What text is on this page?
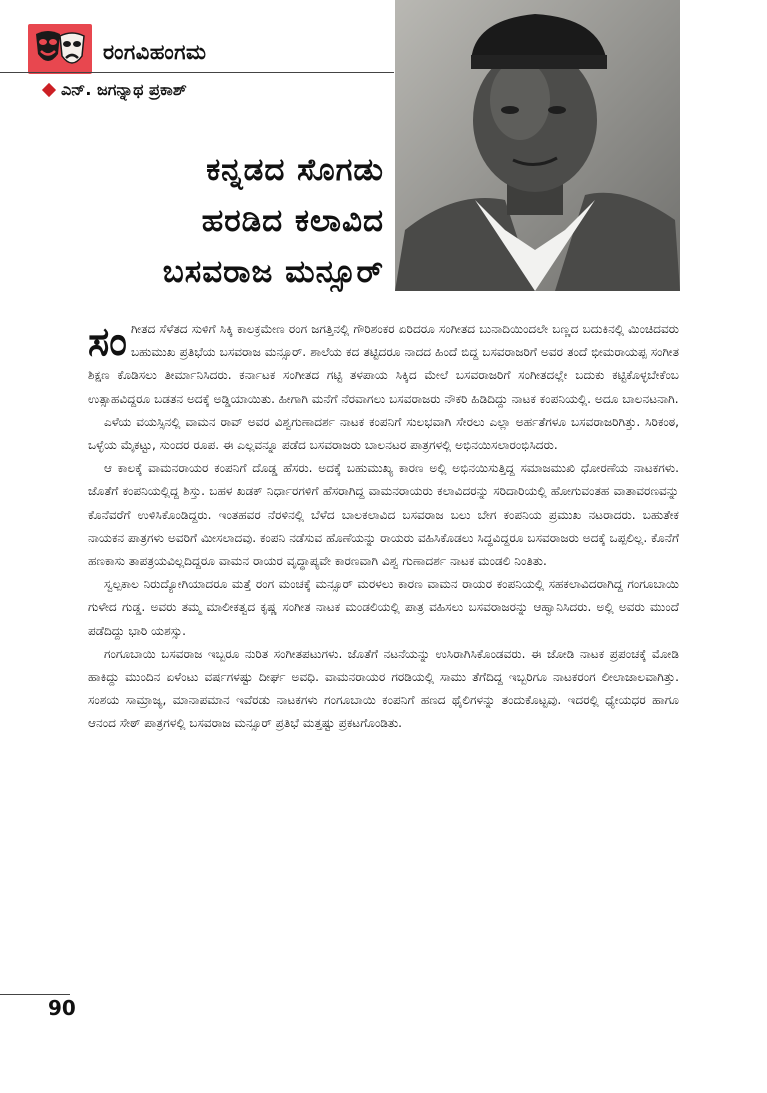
ರಂಗವಿಹಂಗಮ
ಎನ್‌. ಜಗನ್ನಾಥ ಪ್ರಕಾಶ್‌
ಕನ್ನಡದ ಸೊಗಡು
ಹರಡಿದ ಕಲಾವಿದ
ಬಸವರಾಜ ಮನ್ಸೂರ್

ಸಂಗೀತದ ಸೆಳೆತದ ಸುಳಿಗೆ ಸಿಕ್ಕಿ ಕಾಲಕ್ರಮೇಣ ರಂಗ ಜಗತ್ತಿನಲ್ಲಿ ಗೌರಿಶಂಕರ ಏರಿದರೂ ಸಂಗೀತದ ಬುನಾದಿಯಿಂದಲೇ ಬಣ್ಣದ ಬದುಕಿನಲ್ಲಿ ಮಿಂಚಿದವರು ಬಹುಮುಖ ಪ್ರತಿಭೆಯ ಬಸವರಾಜ ಮನ್ಸೂರ್‌. ಶಾಲೆಯ ಕದ ತಟ್ಟಿದರೂ ನಾದದ ಹಿಂದೆ ಬಿದ್ದ ಬಸವರಾಜರಿಗೆ ಅವರ ತಂದೆ ಭೀಮರಾಯಪ್ಪ ಸಂಗೀತ ಶಿಕ್ಷಣ ಕೊಡಿಸಲು ತೀರ್ಮಾನಿಸಿದರು. ಕರ್ನಾಟಕ ಸಂಗೀತದ ಗಟ್ಟಿ ತಳಪಾಯ ಸಿಕ್ಕಿದ ಮೇಲೆ ಬಸವರಾಜರಿಗೆ ಸಂಗೀತದಲ್ಲೇ ಬದುಕು ಕಟ್ಟಿಕೊಳ್ಳಬೇಕೆಂಬ ಉತ್ಸಾಹವಿದ್ದರೂ ಬಡತನ ಅದಕ್ಕೆ ಅಡ್ಡಿಯಾಯಿತು. ಹೀಗಾಗಿ ಮನೆಗೆ ನೆರವಾಗಲು ಬಸವರಾಜರು ನೌಕರಿ ಹಿಡಿದಿದ್ದು ನಾಟಕ ಕಂಪನಿಯಲ್ಲಿ. ಅದೂ ಬಾಲನಟನಾಗಿ.

ಎಳೆಯ ವಯಸ್ಸಿನಲ್ಲಿ ವಾಮನ ರಾವ್‌ ಅವರ ವಿಶ್ವಗುಣಾದರ್ಶ ನಾಟಕ ಕಂಪನಿಗೆ ಸುಲಭವಾಗಿ ಸೇರಲು ಎಲ್ಲಾ ಅರ್ಹತೆಗಳೂ ಬಸವರಾಜರಿಗಿತ್ತು. ಸಿರಿಕಂಠ, ಒಳ್ಳೆಯ ಮೈಕಟ್ಟು, ಸುಂದರ ರೂಪ. ಈ ಎಲ್ಲವನ್ನೂ ಪಡೆದ ಬಸವರಾಜರು ಬಾಲನಟರ ಪಾತ್ರಗಳಲ್ಲಿ ಅಭಿನಯಿಸಲಾರಂಭಿಸಿದರು.

ಆ ಕಾಲಕ್ಕೆ ವಾಮನರಾಯರ ಕಂಪನಿಗೆ ದೊಡ್ಡ ಹೆಸರು. ಅದಕ್ಕೆ ಬಹುಮುಖ್ಯ ಕಾರಣ ಅಲ್ಲಿ ಅಭಿನಯಿಸುತ್ತಿದ್ದ ಸಮಾಜಮುಖಿ ಧೋರಣೆಯ ನಾಟಕಗಳು. ಜೊತೆಗೆ ಕಂಪನಿಯಲ್ಲಿದ್ದ ಶಿಸ್ತು. ಬಹಳ ಖಡಕ್‌ ನಿರ್ಧಾರಗಳಿಗೆ ಹೆಸರಾಗಿದ್ದ ವಾಮನರಾಯರು ಕಲಾವಿದರನ್ನು ಸರಿದಾರಿಯಲ್ಲಿ ಹೋಗುವಂತಹ ವಾತಾವರಣವನ್ನು ಕೊನೆವರೆಗೆ ಉಳಿಸಿಕೊಂಡಿದ್ದರು. ಇಂತಹವರ ನೆರಳಿನಲ್ಲಿ ಬೆಳೆದ ಬಾಲಕಲಾವಿದ ಬಸವರಾಜ ಬಲು ಬೇಗ ಕಂಪನಿಯ ಪ್ರಮುಖ ನಟರಾದರು. ಬಹುತೇಕ ನಾಯಕನ ಪಾತ್ರಗಳು ಅವರಿಗೆ ಮೀಸಲಾದವು. ಕಂಪನಿ ನಡೆಸುವ ಹೊಣೆಯನ್ನು ರಾಯರು ವಹಿಸಿಕೊಡಲು ಸಿದ್ಧವಿದ್ದರೂ ಬಸವರಾಜರು ಅದಕ್ಕೆ ಒಪ್ಪಲಿಲ್ಲ. ಕೊನೆಗೆ ಹಣಕಾಸು ತಾಪತ್ರಯವಿಲ್ಲದಿದ್ದರೂ ವಾಮನ ರಾಯರ ವೃದ್ಧಾಪ್ಯವೇ ಕಾರಣವಾಗಿ ವಿಶ್ವ ಗುಣಾದರ್ಶ ನಾಟಕ ಮಂಡಲಿ ನಿಂತಿತು.

ಸ್ವಲ್ಪಕಾಲ ನಿರುದ್ಯೋಗಿಯಾದರೂ ಮತ್ತೆ ರಂಗ ಮಂಚಕ್ಕೆ ಮನ್ಸೂರ್‌ ಮರಳಲು ಕಾರಣ ವಾಮನ ರಾಯರ ಕಂಪನಿಯಲ್ಲಿ ಸಹಕಲಾವಿದರಾಗಿದ್ದ ಗಂಗೂಬಾಯಿ ಗುಳೇದ ಗುಡ್ಡ. ಅವರು ತಮ್ಮ ಮಾಲೀಕತ್ವದ ಕೃಷ್ಣ ಸಂಗೀತ ನಾಟಕ ಮಂಡಲಿಯಲ್ಲಿ ಪಾತ್ರ ವಹಿಸಲು ಬಸವರಾಜರನ್ನು ಆಹ್ವಾನಿಸಿದರು. ಅಲ್ಲಿ ಅವರು ಮುಂದೆ ಪಡೆದಿದ್ದು ಭಾರಿ ಯಶಸ್ಸು.

ಗಂಗೂಬಾಯಿ ಬಸವರಾಜ ಇಬ್ಬರೂ ನುರಿತ ಸಂಗೀತಪಟುಗಳು. ಜೊತೆಗೆ ನಟನೆಯನ್ನು ಉಸಿರಾಗಿಸಿಕೊಂಡವರು. ಈ ಜೋಡಿ ನಾಟಕ ಪ್ರಪಂಚಕ್ಕೆ ಮೋಡಿ ಹಾಕಿದ್ದು ಮುಂದಿನ ಏಳೆಂಟು ವರ್ಷಗಳಷ್ಟು ದೀರ್ಘ ಅವಧಿ. ವಾಮನರಾಯರ ಗರಡಿಯಲ್ಲಿ ಸಾಮು ತೆಗೆದಿದ್ದ ಇಬ್ಬರಿಗೂ ನಾಟಕರಂಗ ಲೀಲಾಜಾಲವಾಗಿತ್ತು. ಸಂಶಯ ಸಾಮ್ರಾಜ್ಯ, ಮಾನಾಪಮಾನ ಇವೆರಡು ನಾಟಕಗಳು ಗಂಗೂಬಾಯಿ ಕಂಪನಿಗೆ ಹಣದ ಥೈಲಿಗಳನ್ನು ತಂದುಕೊಟ್ಟವು. ಇದರಲ್ಲಿ ಧ್ಯೇಯಧರ ಹಾಗೂ ಆನಂದ ಸೇಠ್‌ ಪಾತ್ರಗಳಲ್ಲಿ ಬಸವರಾಜ ಮನ್ಸೂರ್‌ ಪ್ರತಿಭೆ ಮತ್ತಷ್ಟು ಪ್ರಕಟಗೊಂಡಿತು.

90
